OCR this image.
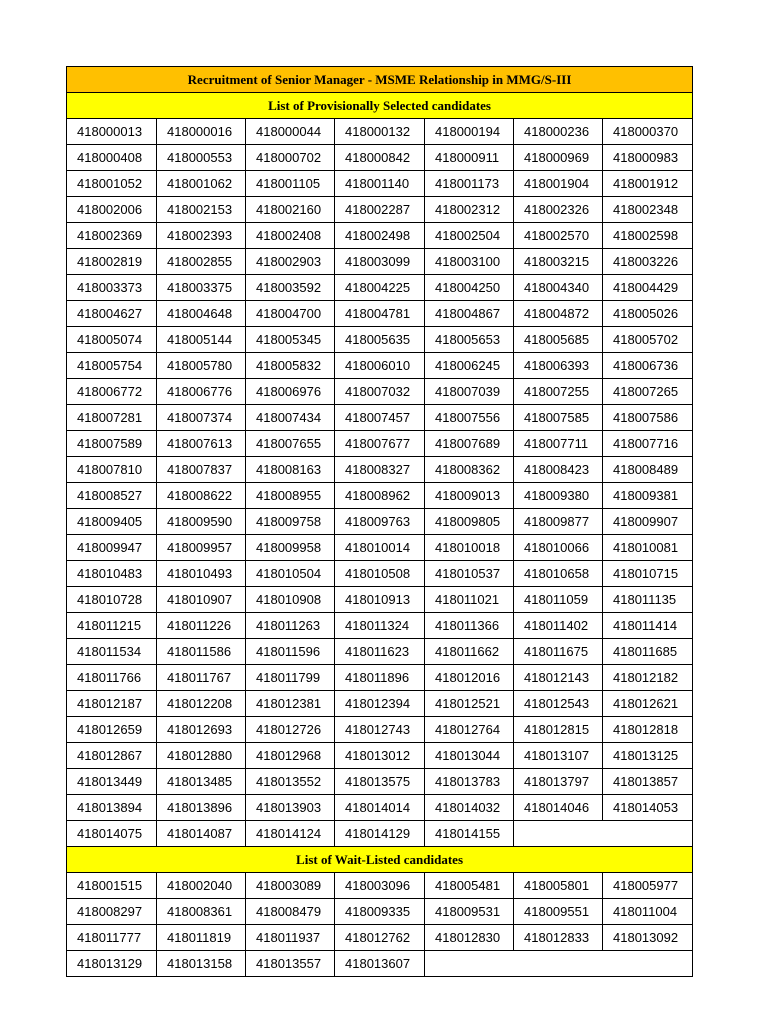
Recruitment of Senior Manager - MSME Relationship in MMG/S-III						
List of Provisionally Selected candidates						
418000013	418000016	418000044	418000132	418000194	418000236	418000370
418000408	418000553	418000702	418000842	418000911	418000969	418000983
418001052	418001062	418001105	418001140	418001173	418001904	418001912
418002006	418002153	418002160	418002287	418002312	418002326	418002348
418002369	418002393	418002408	418002498	418002504	418002570	418002598
418002819	418002855	418002903	418003099	418003100	418003215	418003226
418003373	418003375	418003592	418004225	418004250	418004340	418004429
418004627	418004648	418004700	418004781	418004867	418004872	418005026
418005074	418005144	418005345	418005635	418005653	418005685	418005702
418005754	418005780	418005832	418006010	418006245	418006393	418006736
418006772	418006776	418006976	418007032	418007039	418007255	418007265
418007281	418007374	418007434	418007457	418007556	418007585	418007586
418007589	418007613	418007655	418007677	418007689	418007711	418007716
418007810	418007837	418008163	418008327	418008362	418008423	418008489
418008527	418008622	418008955	418008962	418009013	418009380	418009381
418009405	418009590	418009758	418009763	418009805	418009877	418009907
418009947	418009957	418009958	418010014	418010018	418010066	418010081
418010483	418010493	418010504	418010508	418010537	418010658	418010715
418010728	418010907	418010908	418010913	418011021	418011059	418011135
418011215	418011226	418011263	418011324	418011366	418011402	418011414
418011534	418011586	418011596	418011623	418011662	418011675	418011685
418011766	418011767	418011799	418011896	418012016	418012143	418012182
418012187	418012208	418012381	418012394	418012521	418012543	418012621
418012659	418012693	418012726	418012743	418012764	418012815	418012818
418012867	418012880	418012968	418013012	418013044	418013107	418013125
418013449	418013485	418013552	418013575	418013783	418013797	418013857
418013894	418013896	418013903	418014014	418014032	418014046	418014053
418014075	418014087	418014124	418014129	418014155		
List of Wait-Listed candidates						
418001515	418002040	418003089	418003096	418005481	418005801	418005977
418008297	418008361	418008479	418009335	418009531	418009551	418011004
418011777	418011819	418011937	418012762	418012830	418012833	418013092
418013129	418013158	418013557	418013607			
